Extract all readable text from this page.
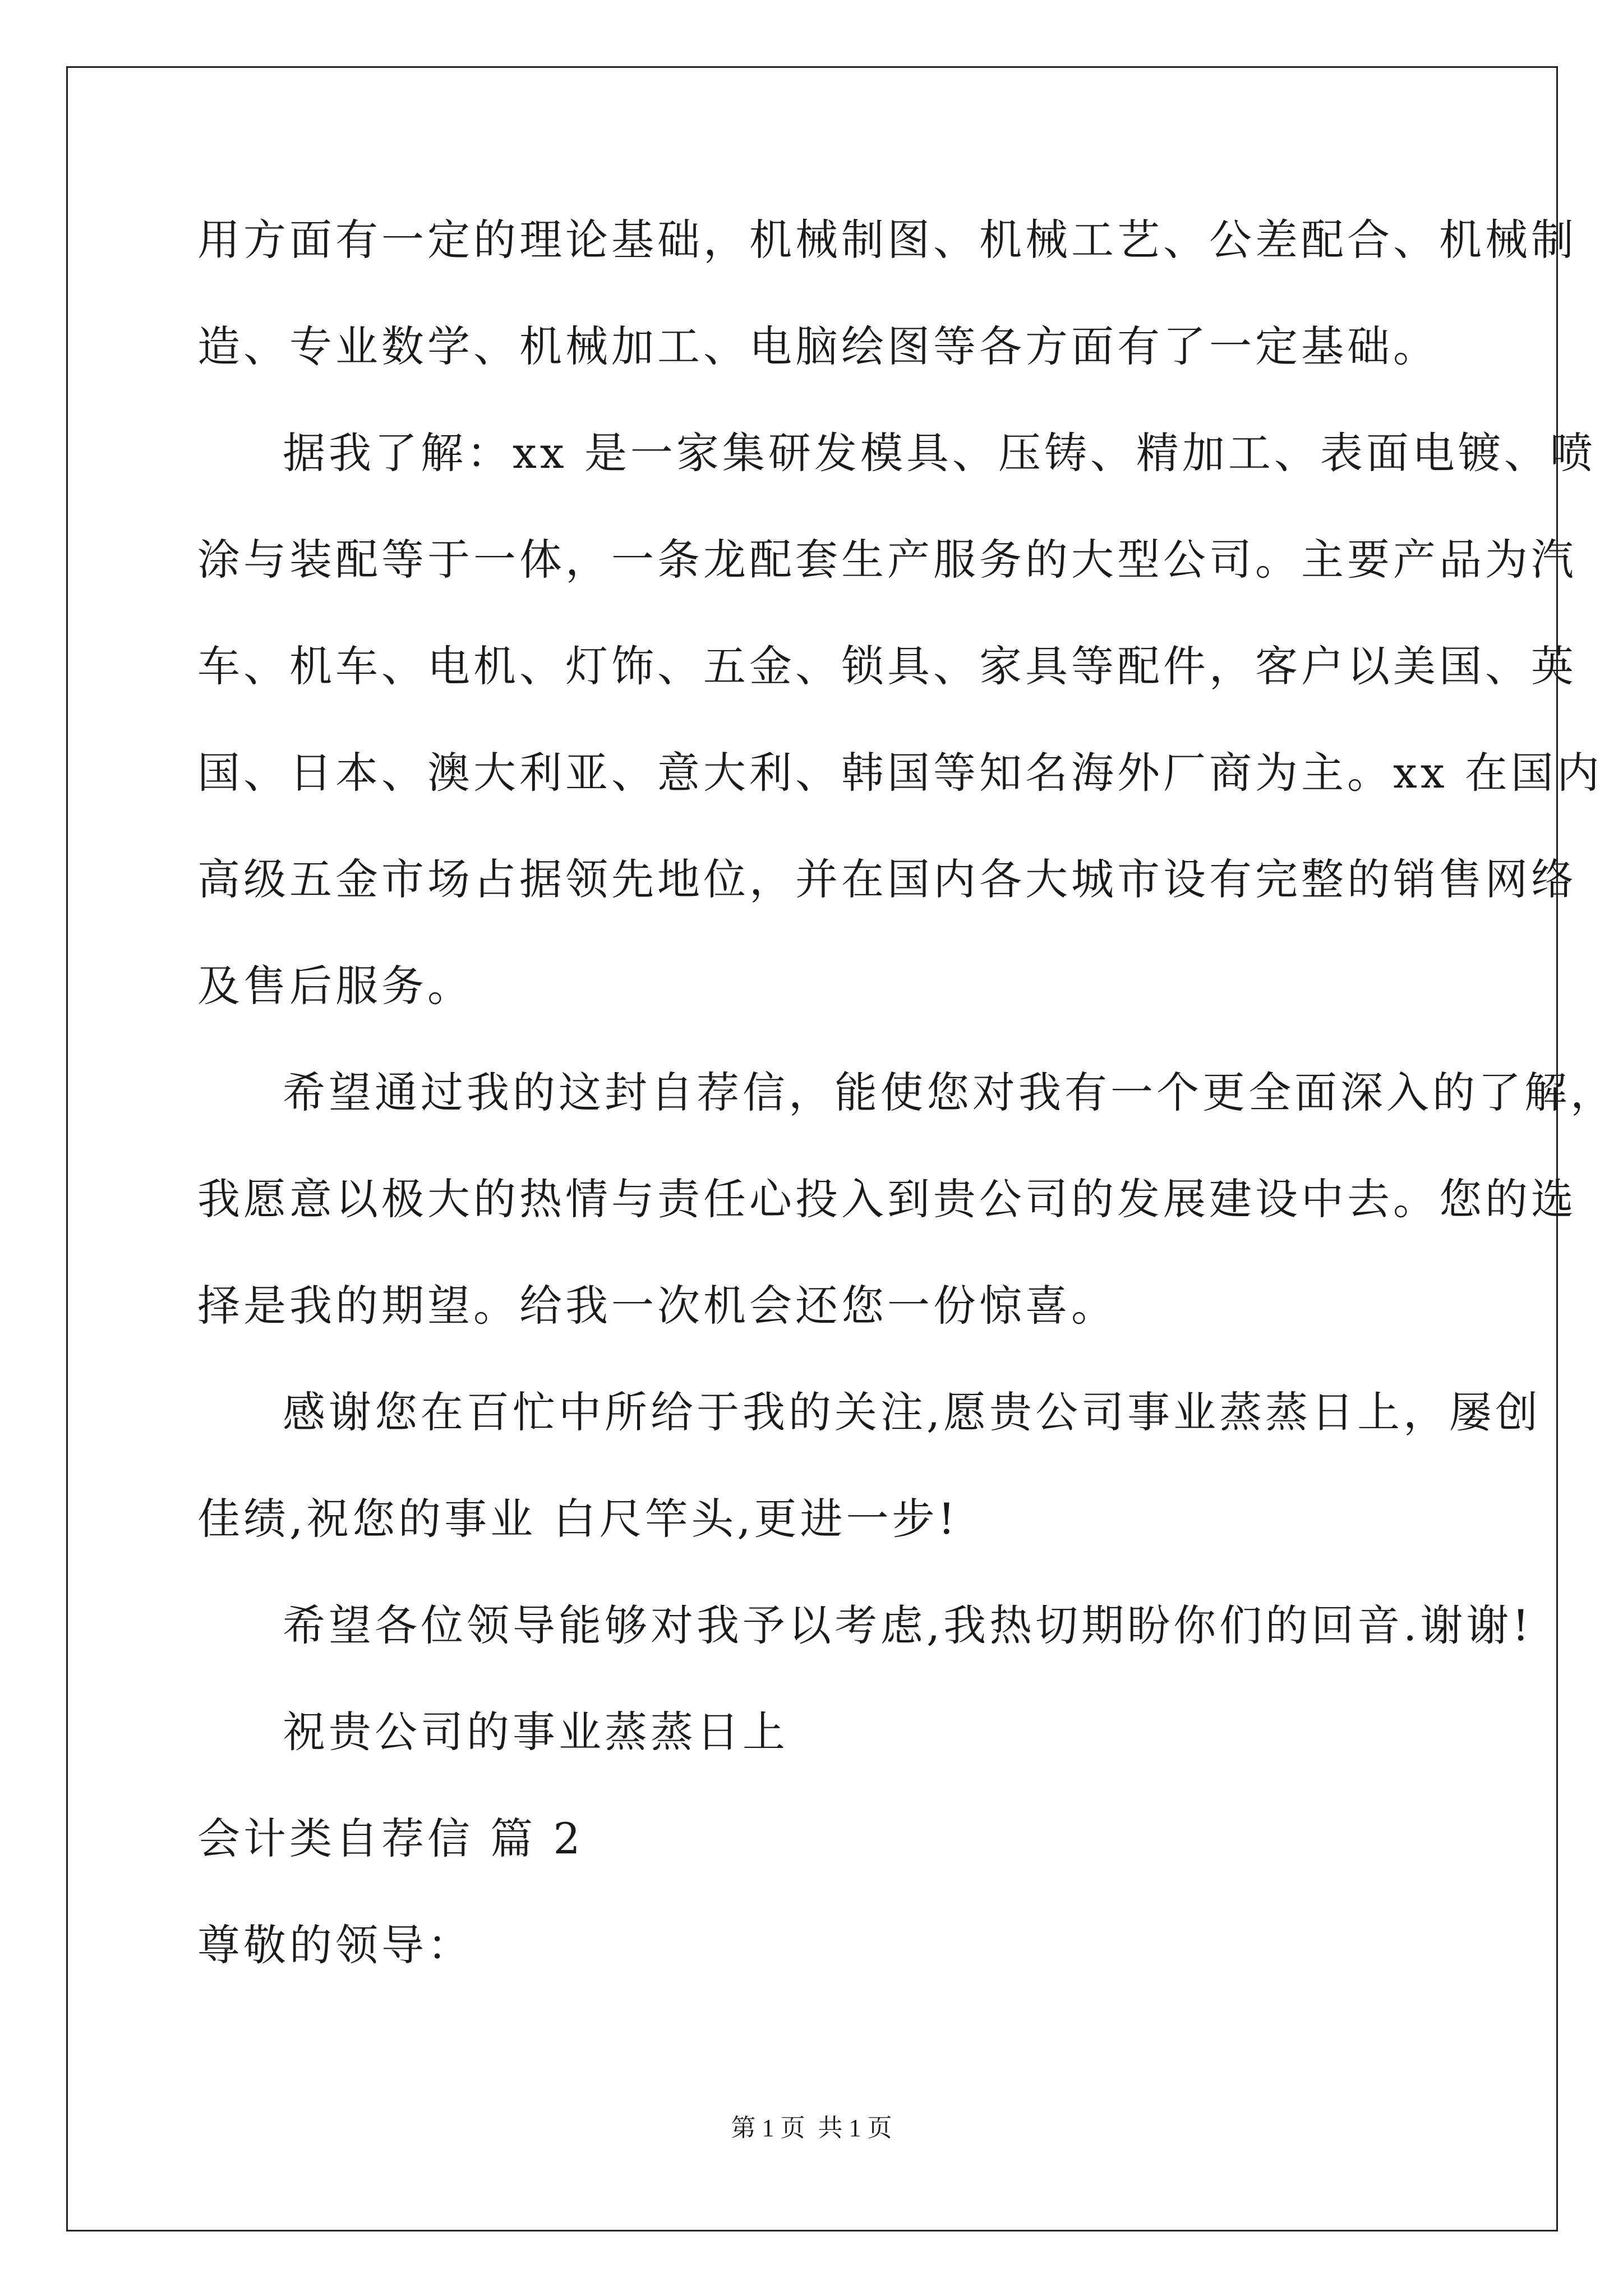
用方面有一定的理论基础，机械制图、机械工艺、公差配合、机械制
造、专业数学、机械加工、电脑绘图等各方面有了一定基础。
据我了解：xx 是一家集研发模具、压铸、精加工、表面电镀、喷
涂与装配等于一体，一条龙配套生产服务的大型公司。主要产品为汽
车、机车、电机、灯饰、五金、锁具、家具等配件，客户以美国、英
国、日本、澳大利亚、意大利、韩国等知名海外厂商为主。xx 在国内
高级五金市场占据领先地位，并在国内各大城市设有完整的销售网络
及售后服务。
希望通过我的这封自荐信，能使您对我有一个更全面深入的了解，
我愿意以极大的热情与责任心投入到贵公司的发展建设中去。您的选
择是我的期望。给我一次机会还您一份惊喜。
感谢您在百忙中所给于我的关注,愿贵公司事业蒸蒸日上，屡创
佳绩,祝您的事业 白尺竿头,更进一步!
希望各位领导能够对我予以考虑,我热切期盼你们的回音.谢谢!
祝贵公司的事业蒸蒸日上
会计类自荐信 篇 2
尊敬的领导：
第 1 页 共 1 页
